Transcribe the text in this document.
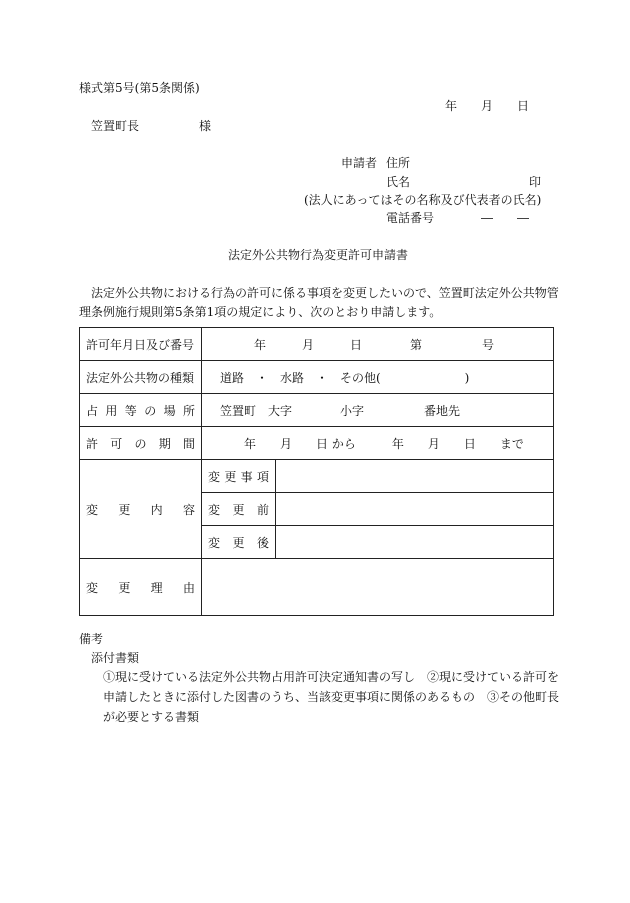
様式第5号(第5条関係)
年　　月　　日
笠置町長　　　　　様
申請者 住所
氏名	印
(法人にあってはその名称及び代表者の氏名)
電話番号	―　　―
法定外公共物行為変更許可申請書
法定外公共物における行為の許可に係る事項を変更したいので、笠置町法定外公共物管
理条例施行規則第5条第1項の規定により、次のとおり申請します。
許可年月日及び番号	年　　　月　　　日　　　　第　　　　　号	
法定外公共物の種類	道路　・　水路　・　その他(　　　　　　　)	
占用等の場所	笠置町　大字　　　　小字　　　　　番地先	
許可の期間	年　　月　　日 から　　　年　　月　　日　　まで	
変更内容	変更事項	
	変更前	
	変更後	
変更理由		
備考
添付書類
①現に受けている法定外公共物占用許可決定通知書の写し　②現に受けている許可を
申請したときに添付した図書のうち、当該変更事項に関係のあるもの　③その他町長
が必要とする書類
